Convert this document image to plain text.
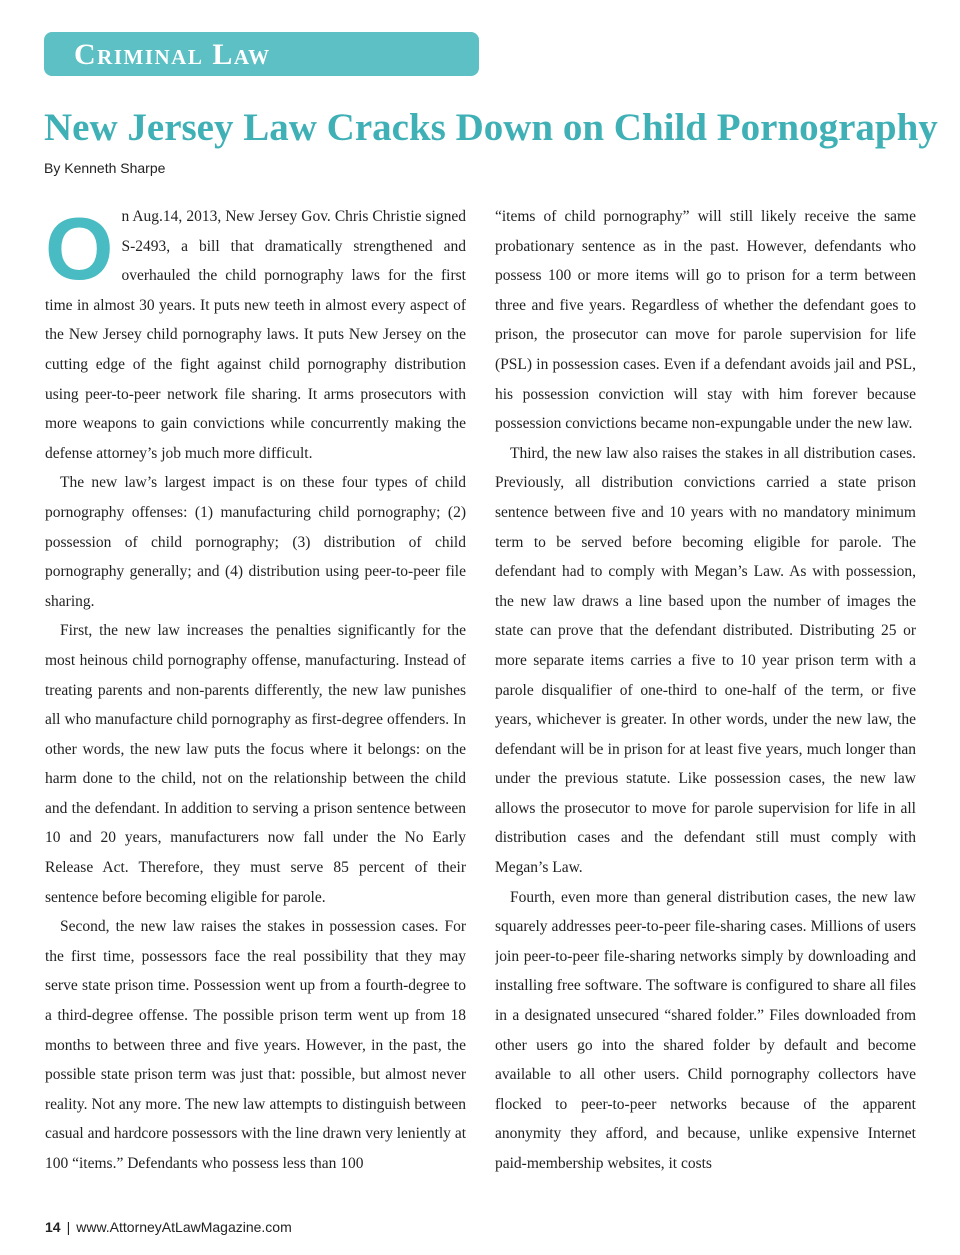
Criminal Law
New Jersey Law Cracks Down on Child Pornography
By Kenneth Sharpe

On Aug.14, 2013, New Jersey Gov. Chris Christie signed S-2493, a bill that dramatically strengthened and overhauled the child pornography laws for the first time in almost 30 years. It puts new teeth in almost every aspect of the New Jersey child pornography laws. It puts New Jersey on the cutting edge of the fight against child pornography distribution using peer-to-peer network file sharing. It arms prosecutors with more weapons to gain convictions while concurrently making the defense attorney’s job much more difficult.

The new law’s largest impact is on these four types of child pornography offenses: (1) manufacturing child pornography; (2) possession of child pornography; (3) distribution of child pornography generally; and (4) distribution using peer-to-peer file sharing.

First, the new law increases the penalties significantly for the most heinous child pornography offense, manufacturing. Instead of treating parents and non-parents differently, the new law punishes all who manufacture child pornography as first-degree offenders. In other words, the new law puts the focus where it belongs: on the harm done to the child, not on the relationship between the child and the defendant. In addition to serving a prison sentence between 10 and 20 years, manufacturers now fall under the No Early Release Act. Therefore, they must serve 85 percent of their sentence before becoming eligible for parole.

Second, the new law raises the stakes in possession cases. For the first time, possessors face the real possibility that they may serve state prison time. Possession went up from a fourth-degree to a third-degree offense. The possible prison term went up from 18 months to between three and five years. However, in the past, the possible state prison term was just that: possible, but almost never reality. Not any more. The new law attempts to distinguish between casual and hardcore possessors with the line drawn very leniently at 100 “items.” Defendants who possess less than 100

“items of child pornography” will still likely receive the same probationary sentence as in the past. However, defendants who possess 100 or more items will go to prison for a term between three and five years. Regardless of whether the defendant goes to prison, the prosecutor can move for parole supervision for life (PSL) in possession cases. Even if a defendant avoids jail and PSL, his possession conviction will stay with him forever because possession convictions became non-expungable under the new law.

Third, the new law also raises the stakes in all distribution cases. Previously, all distribution convictions carried a state prison sentence between five and 10 years with no mandatory minimum term to be served before becoming eligible for parole. The defendant had to comply with Megan’s Law. As with possession, the new law draws a line based upon the number of images the state can prove that the defendant distributed. Distributing 25 or more separate items carries a five to 10 year prison term with a parole disqualifier of one-third to one-half of the term, or five years, whichever is greater. In other words, under the new law, the defendant will be in prison for at least five years, much longer than under the previous statute. Like possession cases, the new law allows the prosecutor to move for parole supervision for life in all distribution cases and the defendant still must comply with Megan’s Law.

Fourth, even more than general distribution cases, the new law squarely addresses peer-to-peer file-sharing cases. Millions of users join peer-to-peer file-sharing networks simply by downloading and installing free software. The software is configured to share all files in a designated unsecured “shared folder.” Files downloaded from other users go into the shared folder by default and become available to all other users. Child pornography collectors have flocked to peer-to-peer networks because of the apparent anonymity they afford, and because, unlike expensive Internet paid-membership websites, it costs

14 | www.AttorneyAtLawMagazine.com
